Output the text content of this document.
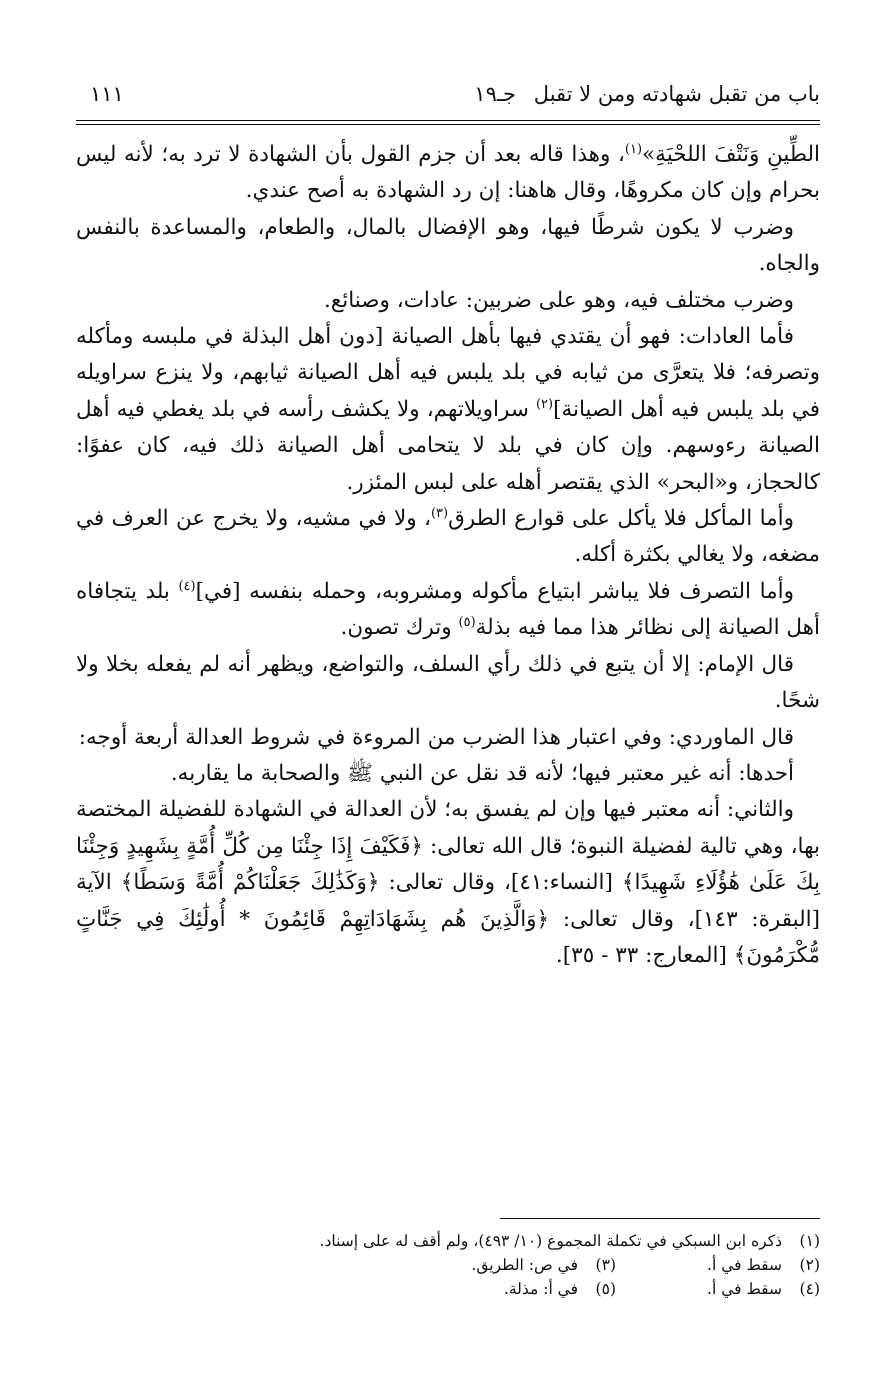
باب من تقبل شهادته ومن لا تقبل
جـ١٩
١١١

الطِّينِ وَنَتْفَ اللحْيَةِ»$^{(١)}$، وهذا قاله بعد أن جزم القول بأن الشهادة لا ترد به؛ لأنه ليس بحرام وإن كان مكروهًا، وقال هاهنا: إن رد الشهادة به أصح عندي.

وضرب لا يكون شرطًا فيها، وهو الإفضال بالمال، والطعام، والمساعدة بالنفس والجاه.

وضرب مختلف فيه، وهو على ضربين: عادات، وصنائع.

فأما العادات: فهو أن يقتدي فيها بأهل الصيانة [دون أهل البذلة في ملبسه ومأكله وتصرفه؛ فلا يتعرَّى من ثيابه في بلد يلبس فيه أهل الصيانة ثيابهم، ولا ينزع سراويله في بلد يلبس فيه أهل الصيانة]$^{(٢)}$ سراويلاتهم، ولا يكشف رأسه في بلد يغطي فيه أهل الصيانة رءوسهم. وإن كان في بلد لا يتحامى أهل الصيانة ذلك فيه، كان عفوًا: كالحجاز، و«البحر» الذي يقتصر أهله على لبس المئزر.

وأما المأكل فلا يأكل على قوارع الطرق$^{(٣)}$، ولا في مشيه، ولا يخرج عن العرف في مضغه، ولا يغالي بكثرة أكله.

وأما التصرف فلا يباشر ابتياع مأكوله ومشروبه، وحمله بنفسه [في]$^{(٤)}$ بلد يتجافاه أهل الصيانة إلى نظائر هذا مما فيه بذلة$^{(٥)}$ وترك تصون.

قال الإمام: إلا أن يتبع في ذلك رأي السلف، والتواضع، ويظهر أنه لم يفعله بخلا ولا شحًا.

قال الماوردي: وفي اعتبار هذا الضرب من المروءة في شروط العدالة أربعة أوجه:

أحدها: أنه غير معتبر فيها؛ لأنه قد نقل عن النبي ﷺ والصحابة ما يقاربه.

والثاني: أنه معتبر فيها وإن لم يفسق به؛ لأن العدالة في الشهادة للفضيلة المختصة بها، وهي تالية لفضيلة النبوة؛ قال الله تعالى: ﴿فَكَيْفَ إِذَا جِئْنَا مِن كُلِّ أُمَّةٍ بِشَهِيدٍ وَجِئْنَا بِكَ عَلَىٰ هَٰؤُلَاءِ شَهِيدًا﴾ [النساء:٤١]، وقال تعالى: ﴿وَكَذَٰلِكَ جَعَلْنَاكُمْ أُمَّةً وَسَطًا﴾ الآية [البقرة: ١٤٣]، وقال تعالى: ﴿وَالَّذِينَ هُم بِشَهَادَاتِهِمْ قَائِمُونَ * أُولَٰئِكَ فِي جَنَّاتٍ مُّكْرَمُونَ﴾ [المعارج: ٣٣ - ٣٥].

(١)ذكره ابن السبكي في تكملة المجموع (١٠/ ٤٩٣)، ولم أقف له على إسناد.
(٢)سقط في أ.
(٣)في ص: الطريق.
(٤)سقط في أ.
(٥)في أ: مذلة.
